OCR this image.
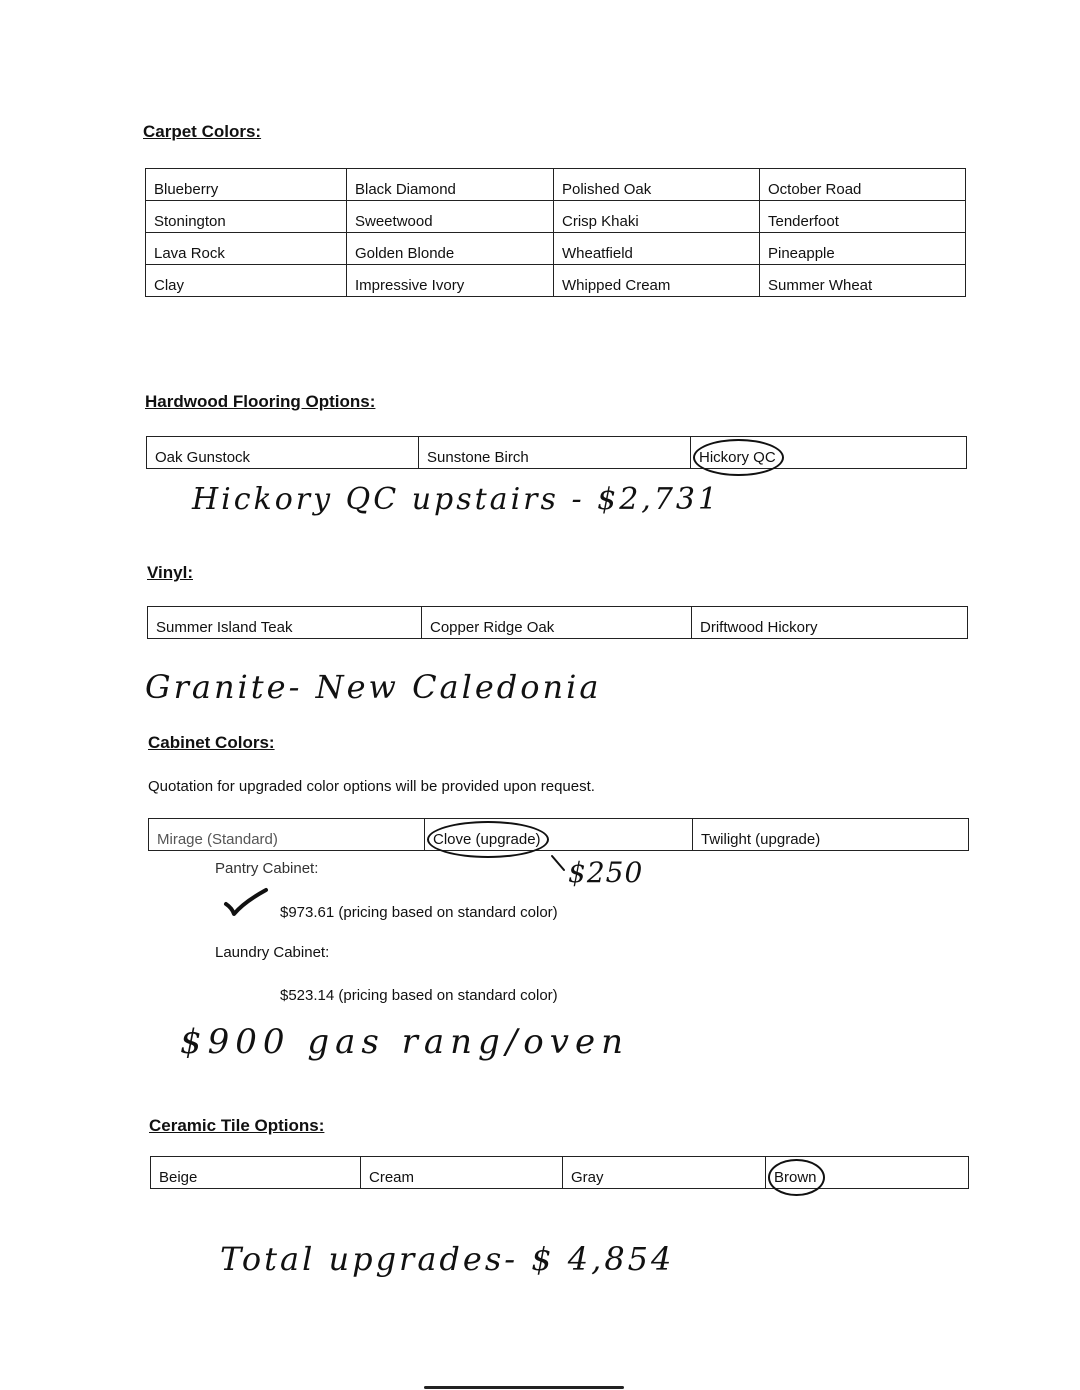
Carpet Colors:
Blueberry	Black Diamond	Polished Oak	October Road
Stonington	Sweetwood	Crisp Khaki	Tenderfoot
Lava Rock	Golden Blonde	Wheatfield	Pineapple
Clay	Impressive Ivory	Whipped Cream	Summer Wheat
Hardwood Flooring Options:
Oak Gunstock	Sunstone Birch	Hickory QC
Hickory QC upstairs - $2,731
Vinyl:
Summer Island Teak	Copper Ridge Oak	Driftwood Hickory
Granite- New Caledonia
Cabinet Colors:
Quotation for upgraded color options will be provided upon request.
Mirage (Standard)	Clove (upgrade)	Twilight (upgrade)
$250
Pantry Cabinet:
$973.61 (pricing based on standard color)
Laundry Cabinet:
$523.14 (pricing based on standard color)
$900 gas rang/oven
Ceramic Tile Options:
Beige	Cream	Gray	Brown
Total upgrades- $ 4,854
